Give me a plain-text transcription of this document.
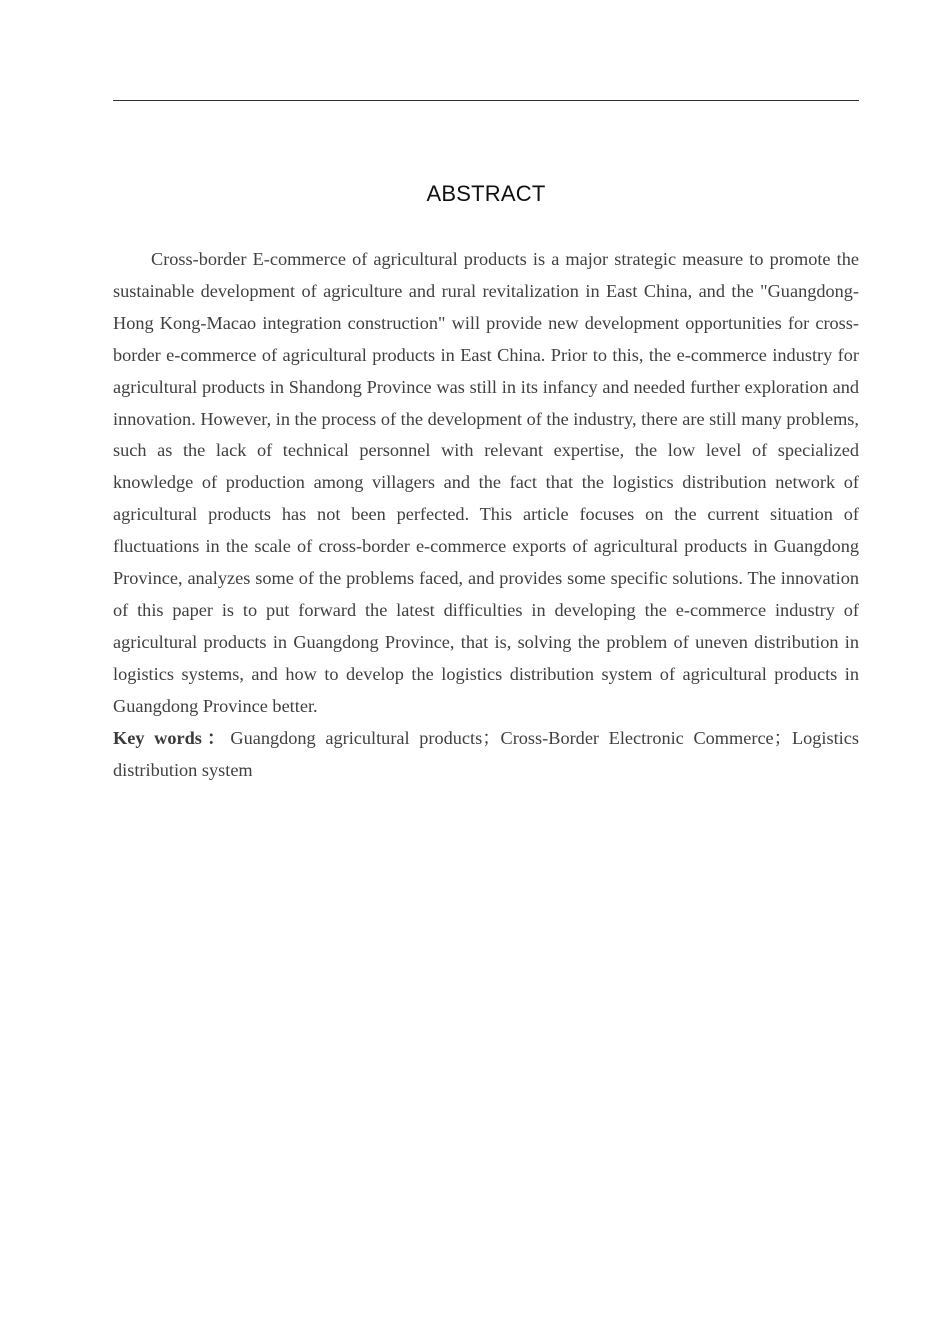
ABSTRACT

Cross-border E-commerce of agricultural products is a major strategic measure to promote the sustainable development of agriculture and rural revitalization in East China, and the "Guangdong-Hong Kong-Macao integration construction" will provide new development opportunities for cross-border e-commerce of agricultural products in East China. Prior to this, the e-commerce industry for agricultural products in Shandong Province was still in its infancy and needed further exploration and innovation. However, in the process of the development of the industry, there are still many problems, such as the lack of technical personnel with relevant expertise, the low level of specialized knowledge of production among villagers and the fact that the logistics distribution network of agricultural products has not been perfected. This article focuses on the current situation of fluctuations in the scale of cross-border e-commerce exports of agricultural products in Guangdong Province, analyzes some of the problems faced, and provides some specific solutions. The innovation of this paper is to put forward the latest difficulties in developing the e-commerce industry of agricultural products in Guangdong Province, that is, solving the problem of uneven distribution in logistics systems, and how to develop the logistics distribution system of agricultural products in Guangdong Province better.

Key words：Guangdong agricultural products；Cross-Border Electronic Commerce；Logistics distribution system
